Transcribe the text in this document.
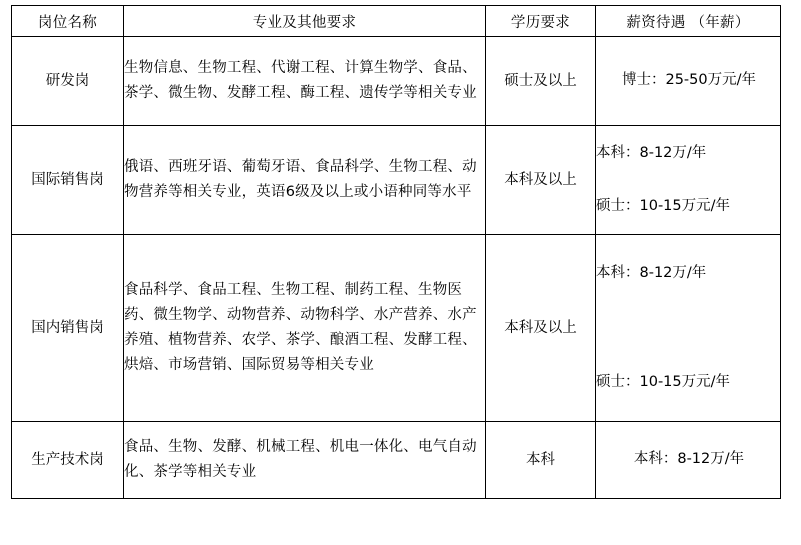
岗位名称	专业及其他要求	学历要求	薪资待遇 （年薪）
研发岗	生物信息、生物工程、代谢工程、计算生物学、食品、茶学、微生物、发酵工程、酶工程、遗传学等相关专业	硕士及以上	博士：25-50万元/年

国际销售岗	俄语、西班牙语、葡萄牙语、食品科学、生物工程、动物营养等相关专业，英语6级及以上或小语种同等水平	本科及以上	本科：8-12万/年
硕士：10-15万元/年

国内销售岗	食品科学、食品工程、生物工程、制药工程、生物医药、微生物学、动物营养、动物科学、水产营养、水产养殖、植物营养、农学、茶学、酿酒工程、发酵工程、烘焙、市场营销、国际贸易等相关专业	本科及以上	本科：8-12万/年
硕士：10-15万元/年

生产技术岗	食品、生物、发酵、机械工程、机电一体化、电气自动化、茶学等相关专业	本科	本科：8-12万/年
